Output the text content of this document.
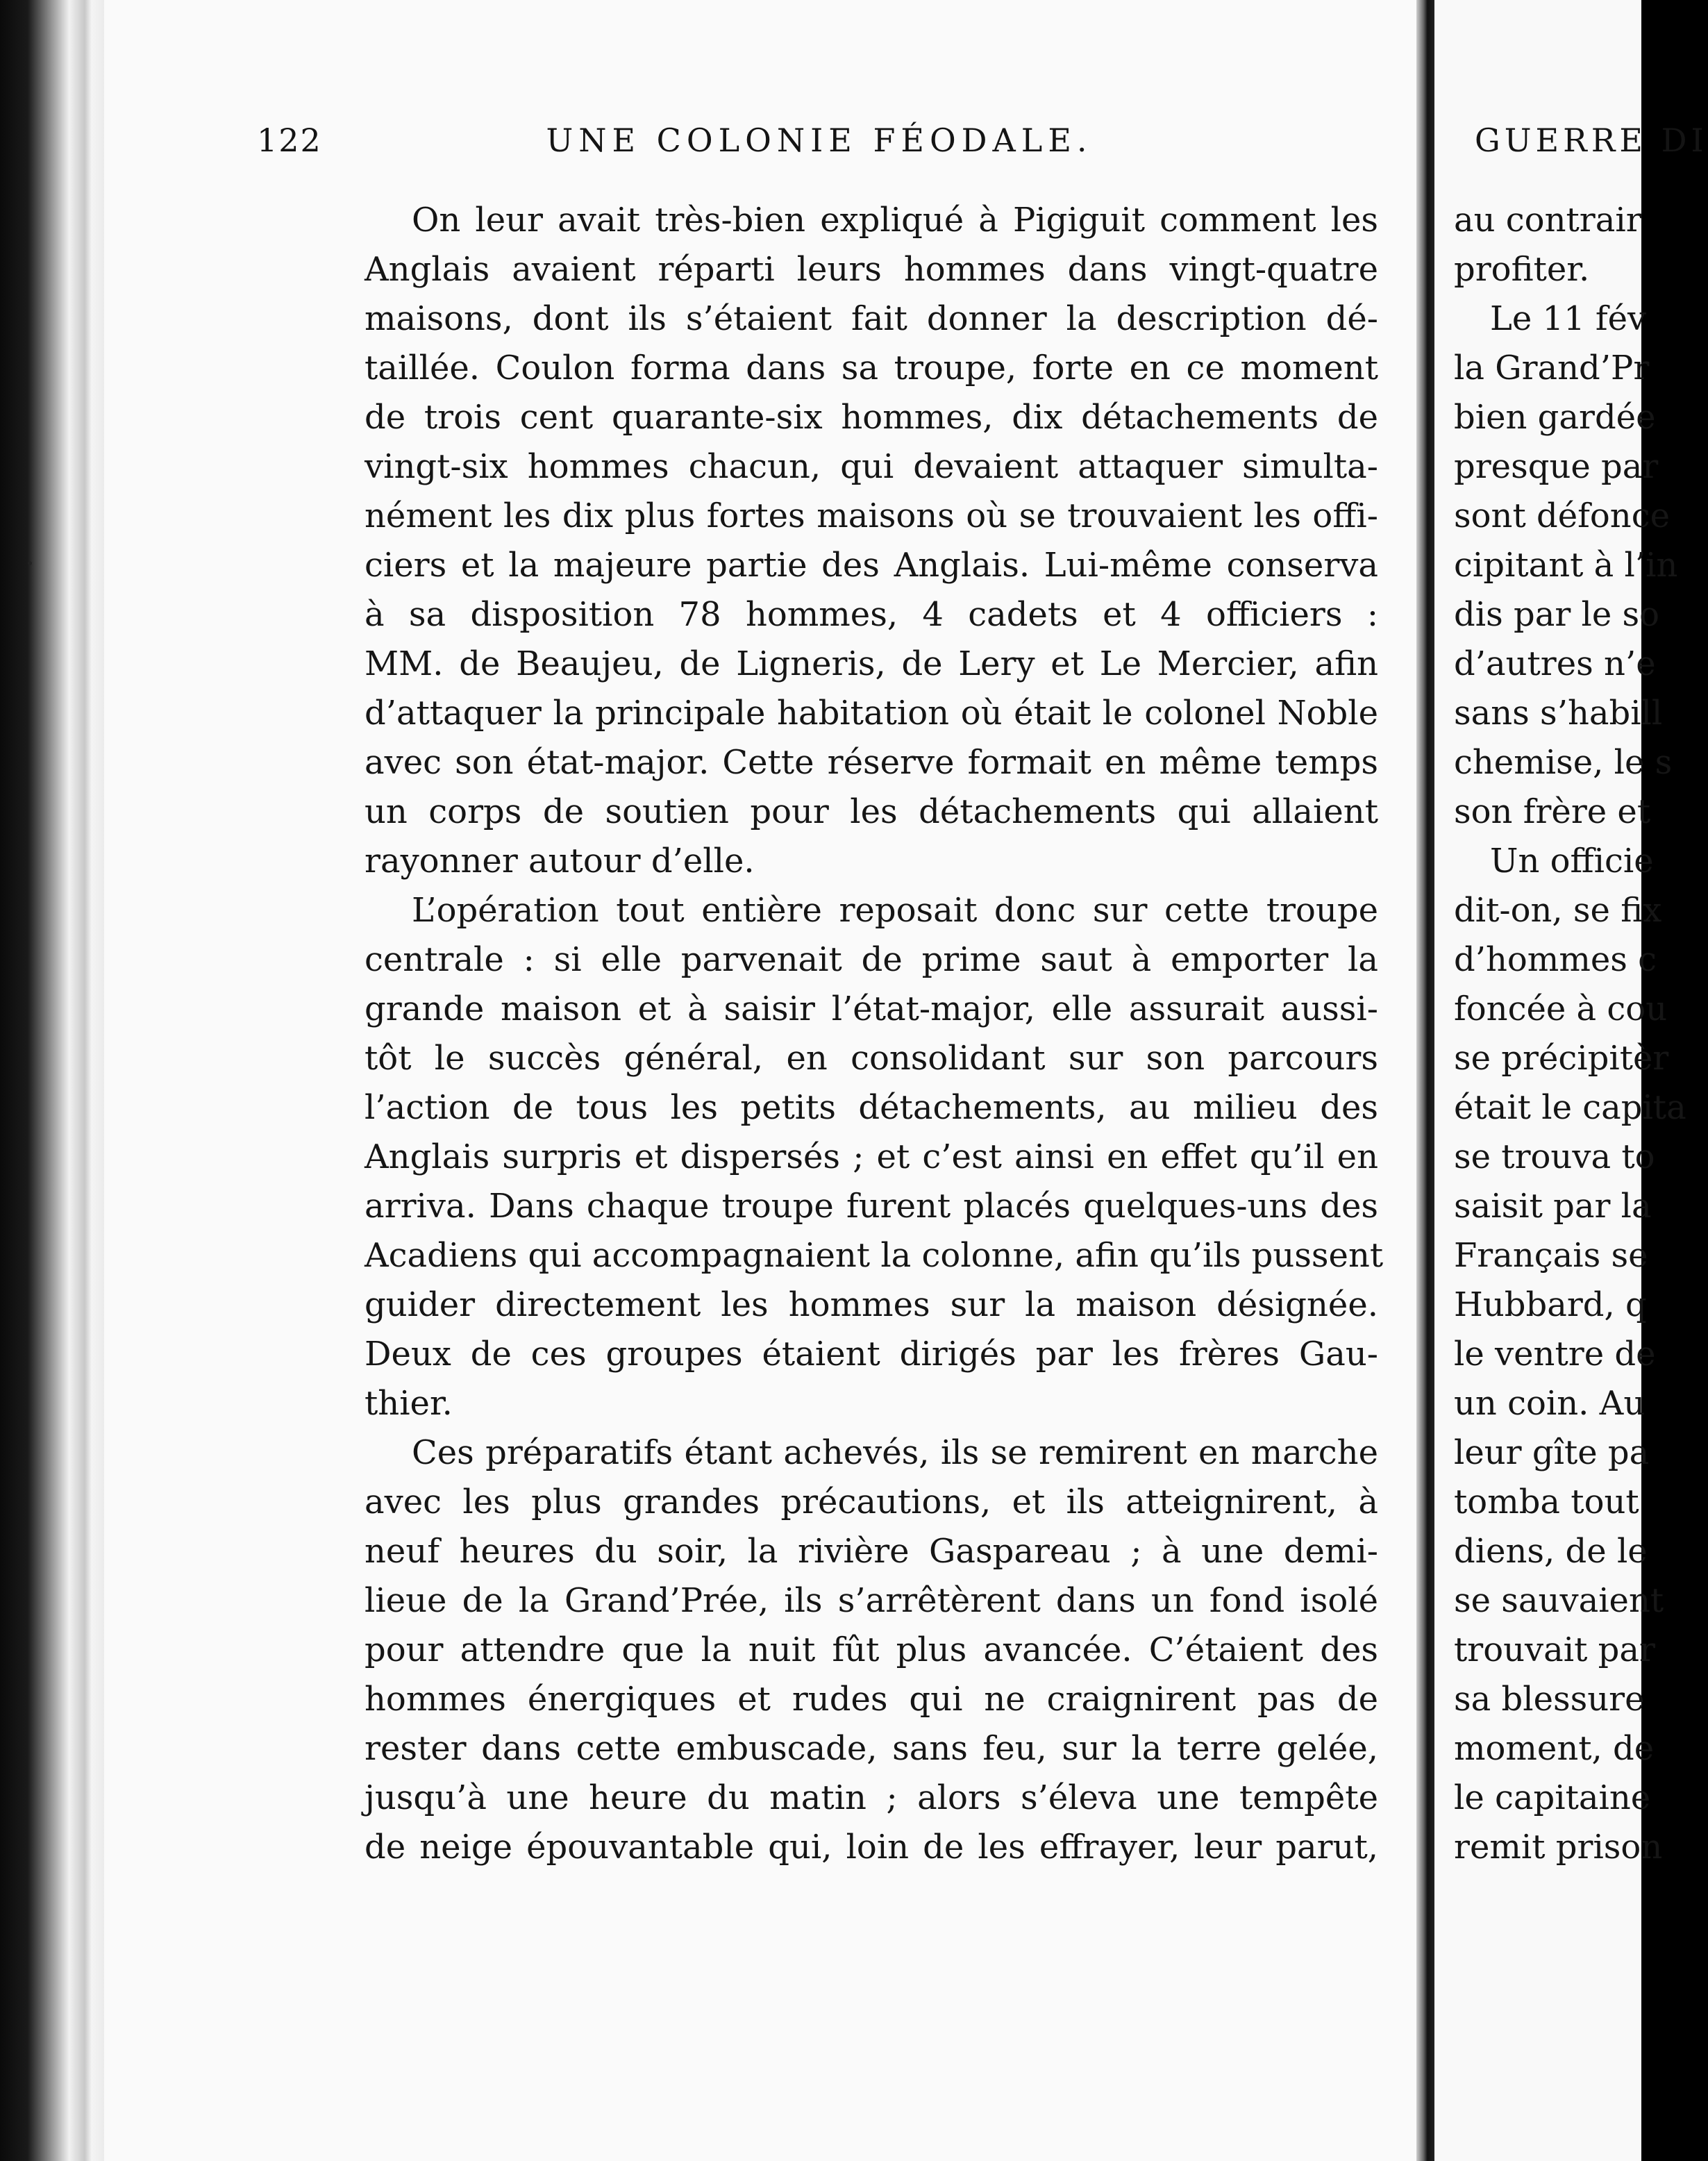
122	UNE COLONIE FÉODALE.
On leur avait très-bien expliqué à Pigiguit comment les
Anglais avaient réparti leurs hommes dans vingt-quatre
maisons, dont ils s’étaient fait donner la description dé-
taillée. Coulon forma dans sa troupe, forte en ce moment
de trois cent quarante-six hommes, dix détachements de
vingt-six hommes chacun, qui devaient attaquer simulta-
nément les dix plus fortes maisons où se trouvaient les offi-
ciers et la majeure partie des Anglais. Lui-même conserva
à sa disposition 78 hommes, 4 cadets et 4 officiers :
MM. de Beaujeu, de Ligneris, de Lery et Le Mercier, afin
d’attaquer la principale habitation où était le colonel Noble
avec son état-major. Cette réserve formait en même temps
un corps de soutien pour les détachements qui allaient
rayonner autour d’elle.
L’opération tout entière reposait donc sur cette troupe
centrale : si elle parvenait de prime saut à emporter la
grande maison et à saisir l’état-major, elle assurait aussi-
tôt le succès général, en consolidant sur son parcours
l’action de tous les petits détachements, au milieu des
Anglais surpris et dispersés ; et c’est ainsi en effet qu’il en
arriva. Dans chaque troupe furent placés quelques-uns des
Acadiens qui accompagnaient la colonne, afin qu’ils pussent
guider directement les hommes sur la maison désignée.
Deux de ces groupes étaient dirigés par les frères Gau-
thier.
Ces préparatifs étant achevés, ils se remirent en marche
avec les plus grandes précautions, et ils atteignirent, à
neuf heures du soir, la rivière Gaspareau ; à une demi-
lieue de la Grand’Prée, ils s’arrêtèrent dans un fond isolé
pour attendre que la nuit fût plus avancée. C’étaient des
hommes énergiques et rudes qui ne craignirent pas de
rester dans cette embuscade, sans feu, sur la terre gelée,
jusqu’à une heure du matin ; alors s’éleva une tempête
de neige épouvantable qui, loin de les effrayer, leur parut,
GUERRE DI
au contrair
profiter.
Le 11 fév
la Grand’Pr
bien gardée
presque par
sont défonce
cipitant à l’in
dis par le so
d’autres n’e
sans s’habill
chemise, le s
son frère et
Un officie
dit-on, se fix
d’hommes c
foncée à cou
se précipitèr
était le capita
se trouva to
saisit par la
Français se
Hubbard, q
le ventre de
un coin. Au
leur gîte pa
tomba tout
diens, de le
se sauvaient
trouvait par
sa blessure
moment, de
le capitaine
remit prison
